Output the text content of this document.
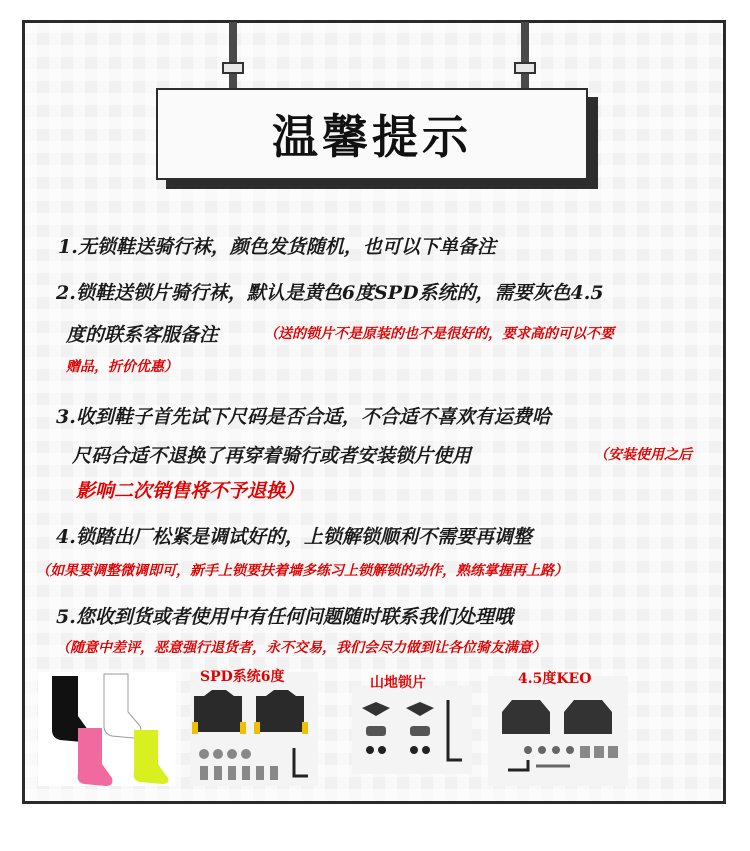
温馨提示
1.无锁鞋送骑行袜，颜色发货随机，也可以下单备注
2.锁鞋送锁片骑行袜，默认是黄色6度SPD系统的，需要灰色4.5
度的联系客服备注	（送的锁片不是原装的也不是很好的，要求高的可以不要
赠品，折价优惠）
3.收到鞋子首先试下尺码是否合适，不合适不喜欢有运费哈
尺码合适不退换了再穿着骑行或者安装锁片使用	（安装使用之后
影响二次销售将不予退换）
4.锁踏出厂松紧是调试好的，上锁解锁顺利不需要再调整
（如果要调整微调即可，新手上锁要扶着墙多练习上锁解锁的动作，熟练掌握再上路）
5.您收到货或者使用中有任何问题随时联系我们处理哦
（随意中差评，恶意强行退货者，永不交易，我们会尽力做到让各位骑友满意）
SPD系统6度	山地锁片	4.5度KEO
